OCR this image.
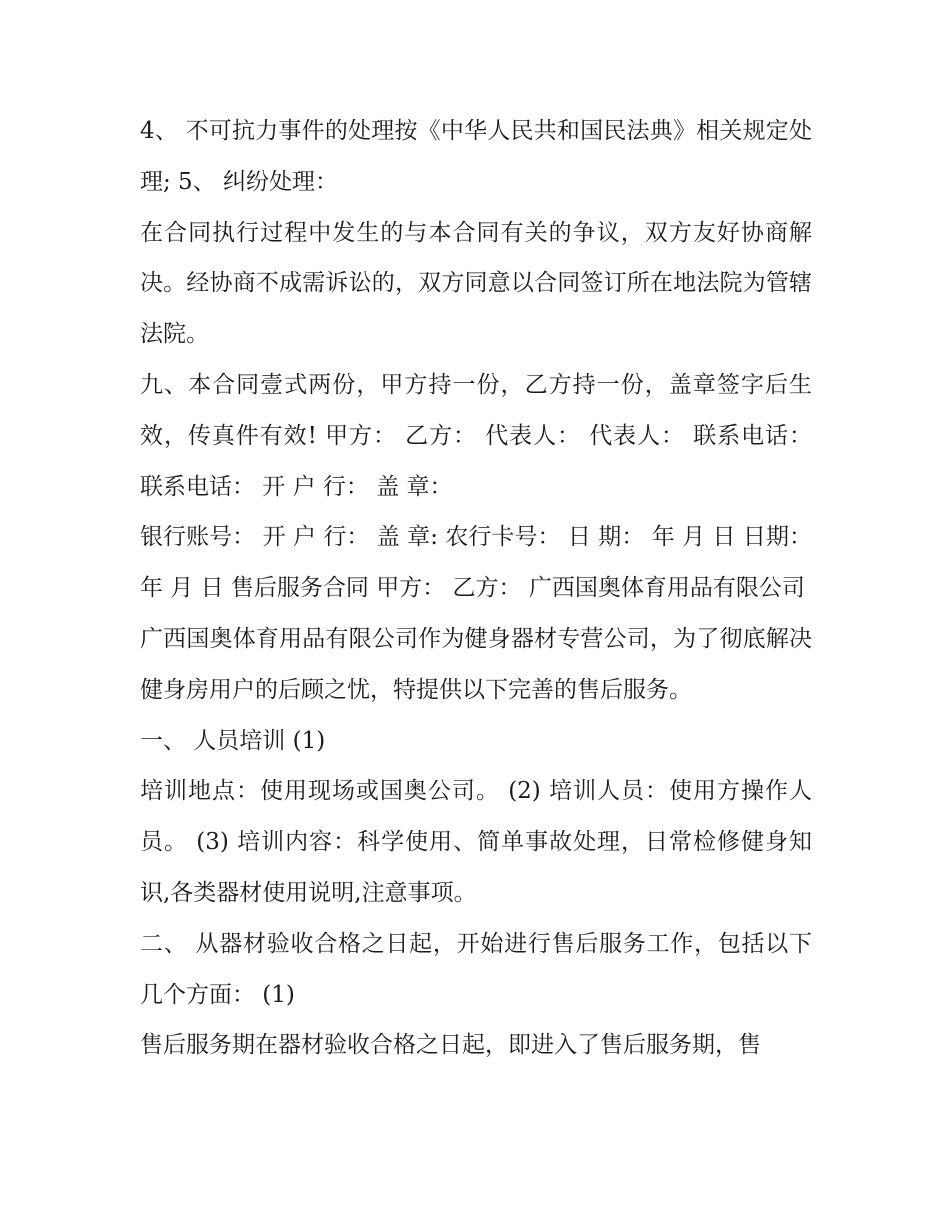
4、 不可抗力事件的处理按《中华人民共和国民法典》相关规定处理; 5、 纠纷处理：

在合同执行过程中发生的与本合同有关的争议，双方友好协商解决。经协商不成需诉讼的，双方同意以合同签订所在地法院为管辖法院。

九、本合同壹式两份，甲方持一份，乙方持一份，盖章签字后生效，传真件有效! 甲方： 乙方： 代表人： 代表人： 联系电话： 联系电话： 开 户 行： 盖 章：

银行账号： 开 户 行： 盖 章: 农行卡号： 日 期： 年 月 日 日期： 年 月 日 售后服务合同 甲方： 乙方： 广西国奥体育用品有限公司

广西国奥体育用品有限公司作为健身器材专营公司，为了彻底解决健身房用户的后顾之忧，特提供以下完善的售后服务。

一、 人员培训 (1)

培训地点：使用现场或国奥公司。 (2) 培训人员：使用方操作人员。 (3) 培训内容：科学使用、简单事故处理，日常检修健身知识,各类器材使用说明,注意事项。

二、 从器材验收合格之日起，开始进行售后服务工作，包括以下几个方面： (1)

售后服务期在器材验收合格之日起，即进入了售后服务期，售
